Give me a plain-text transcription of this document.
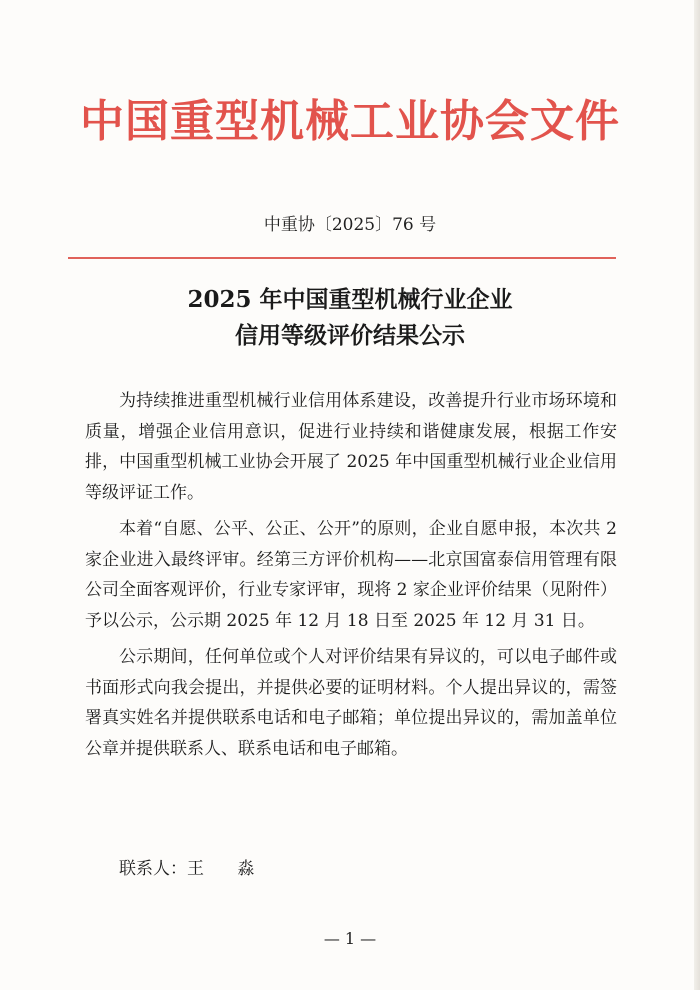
中国重型机械工业协会文件
中重协〔2025〕76 号
2025 年中国重型机械行业企业
信用等级评价结果公示

为持续推进重型机械行业信用体系建设，改善提升行业市场环境和质量，增强企业信用意识，促进行业持续和谐健康发展，根据工作安排，中国重型机械工业协会开展了 2025 年中国重型机械行业企业信用等级评证工作。

本着“自愿、公平、公正、公开”的原则，企业自愿申报，本次共 2 家企业进入最终评审。经第三方评价机构——北京国富泰信用管理有限公司全面客观评价，行业专家评审，现将 2 家企业评价结果（见附件）予以公示，公示期 2025 年 12 月 18 日至 2025 年 12 月 31 日。

公示期间，任何单位或个人对评价结果有异议的，可以电子邮件或书面形式向我会提出，并提供必要的证明材料。个人提出异议的，需签署真实姓名并提供联系电话和电子邮箱；单位提出异议的，需加盖单位公章并提供联系人、联系电话和电子邮箱。

联系人：王 淼
— 1 —
